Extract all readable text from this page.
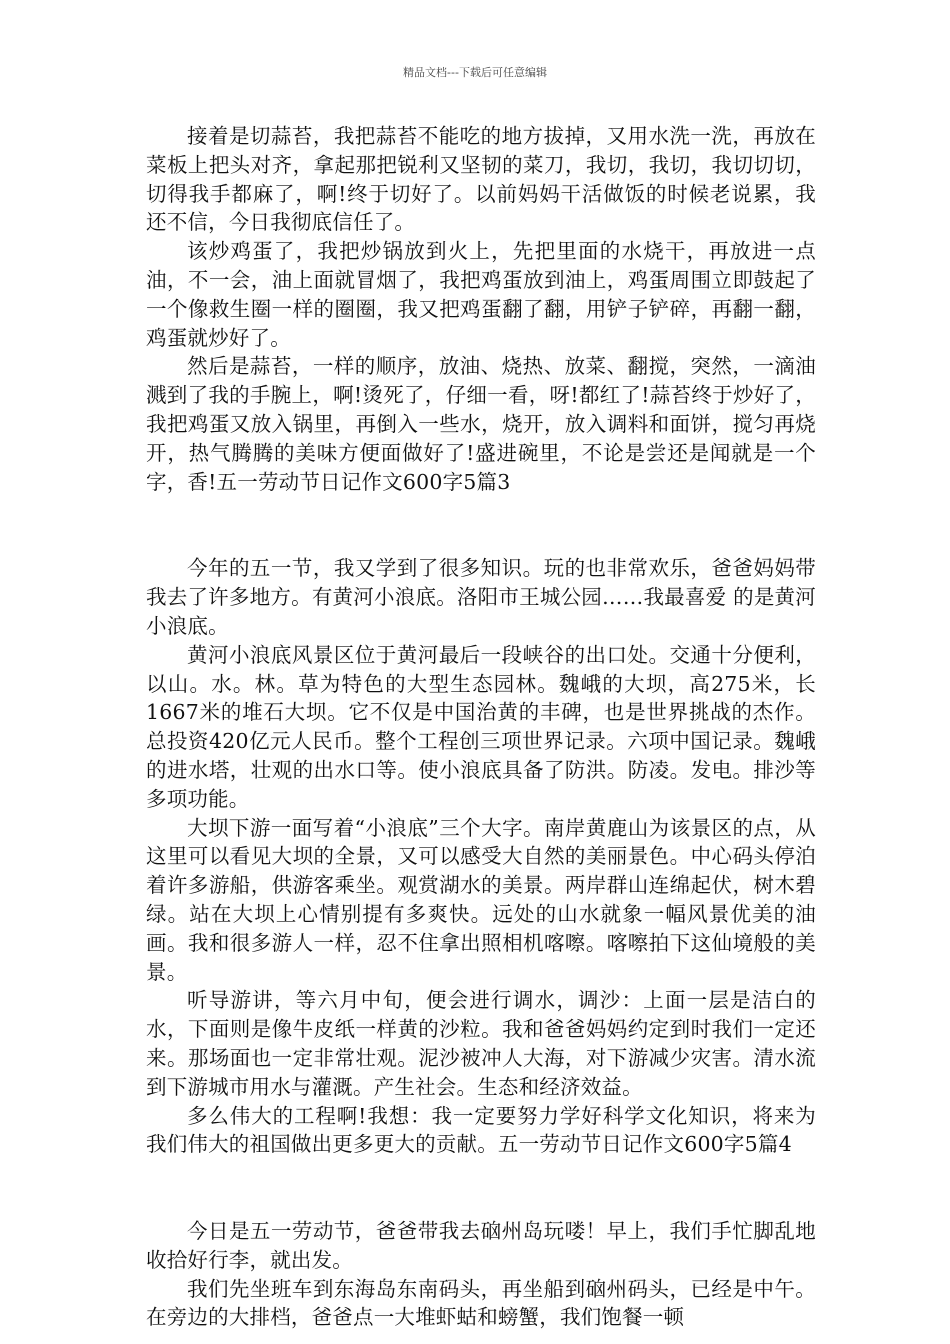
精品文档---下载后可任意编辑

接着是切蒜苔，我把蒜苔不能吃的地方拔掉，又用水洗一洗，再放在菜板上把头对齐，拿起那把锐利又坚韧的菜刀，我切，我切，我切切切，切得我手都麻了，啊!终于切好了。以前妈妈干活做饭的时候老说累，我还不信，今日我彻底信任了。

该炒鸡蛋了，我把炒锅放到火上，先把里面的水烧干，再放进一点油，不一会，油上面就冒烟了，我把鸡蛋放到油上，鸡蛋周围立即鼓起了一个像救生圈一样的圈圈，我又把鸡蛋翻了翻，用铲子铲碎，再翻一翻，鸡蛋就炒好了。

然后是蒜苔，一样的顺序，放油、烧热、放菜、翻搅，突然，一滴油溅到了我的手腕上，啊!烫死了，仔细一看，呀!都红了!蒜苔终于炒好了，我把鸡蛋又放入锅里，再倒入一些水，烧开，放入调料和面饼，搅匀再烧开，热气腾腾的美味方便面做好了!盛进碗里，不论是尝还是闻就是一个字，香!五一劳动节日记作文600字5篇3

今年的五一节，我又学到了很多知识。玩的也非常欢乐，爸爸妈妈带我去了许多地方。有黄河小浪底。洛阳市王城公园……我最喜爱 的是黄河小浪底。

黄河小浪底风景区位于黄河最后一段峡谷的出口处。交通十分便利，以山。水。林。草为特色的大型生态园林。魏峨的大坝，高275米，长1667米的堆石大坝。它不仅是中国治黄的丰碑，也是世界挑战的杰作。总投资420亿元人民币。整个工程创三项世界记录。六项中国记录。魏峨的进水塔，壮观的出水口等。使小浪底具备了防洪。防凌。发电。排沙等多项功能。

大坝下游一面写着“小浪底”三个大字。南岸黄鹿山为该景区的点，从这里可以看见大坝的全景，又可以感受大自然的美丽景色。中心码头停泊着许多游船，供游客乘坐。观赏湖水的美景。两岸群山连绵起伏，树木碧绿。站在大坝上心情别提有多爽快。远处的山水就象一幅风景优美的油画。我和很多游人一样，忍不住拿出照相机喀嚓。喀嚓拍下这仙境般的美景。

听导游讲，等六月中旬，便会进行调水，调沙：上面一层是洁白的水，下面则是像牛皮纸一样黄的沙粒。我和爸爸妈妈约定到时我们一定还来。那场面也一定非常壮观。泥沙被冲人大海，对下游减少灾害。清水流到下游城市用水与灌溉。产生社会。生态和经济效益。

多么伟大的工程啊!我想：我一定要努力学好科学文化知识，将来为我们伟大的祖国做出更多更大的贡献。五一劳动节日记作文600字5篇4

今日是五一劳动节，爸爸带我去硇州岛玩喽！早上，我们手忙脚乱地收拾好行李，就出发。

我们先坐班车到东海岛东南码头，再坐船到硇州码头，已经是中午。在旁边的大排档，爸爸点一大堆虾蛄和螃蟹，我们饱餐一顿
